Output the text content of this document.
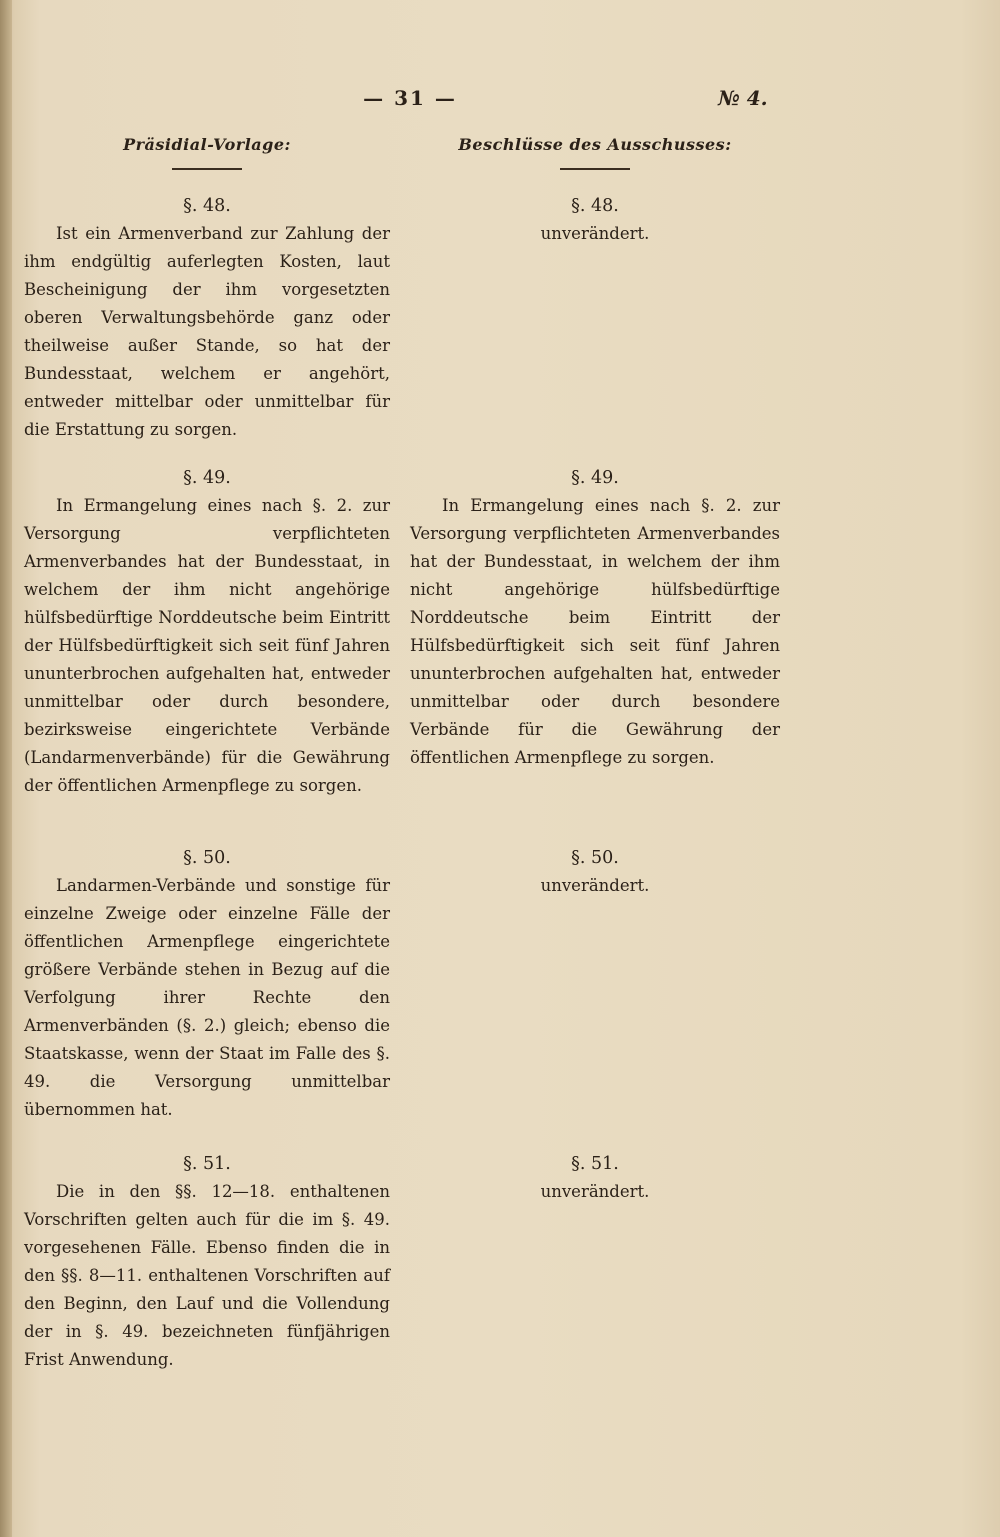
— 31 —	№ 4.
Präsidial-Vorlage:
§. 48.

Ist ein Armenverband zur Zahlung der ihm endgültig auferlegten Kosten, laut Bescheinigung der ihm vorgesetzten oberen Verwaltungsbehörde ganz oder theilweise außer Stande, so hat der Bundesstaat, welchem er angehört, entweder mittelbar oder unmittelbar für die Erstattung zu sorgen.

§. 49.

In Ermangelung eines nach §. 2. zur Versorgung verpflichteten Armenverbandes hat der Bundesstaat, in welchem der ihm nicht angehörige hülfsbedürftige Norddeutsche beim Eintritt der Hülfsbedürftigkeit sich seit fünf Jahren ununterbrochen aufgehalten hat, entweder unmittelbar oder durch besondere, bezirksweise eingerichtete Verbände (Landarmenverbände) für die Gewährung der öffentlichen Armenpflege zu sorgen.

§. 50.

Landarmen-Verbände und sonstige für einzelne Zweige oder einzelne Fälle der öffentlichen Armenpflege eingerichtete größere Verbände stehen in Bezug auf die Verfolgung ihrer Rechte den Armenverbänden (§. 2.) gleich; ebenso die Staatskasse, wenn der Staat im Falle des §. 49. die Versorgung unmittelbar übernommen hat.

§. 51.

Die in den §§. 12—18. enthaltenen Vorschriften gelten auch für die im §. 49. vorgesehenen Fälle. Ebenso finden die in den §§. 8—11. enthaltenen Vorschriften auf den Beginn, den Lauf und die Vollendung der in §. 49. bezeichneten fünfjährigen Frist Anwendung.

Beschlüsse des Ausschusses:
§. 48.
unverändert.
§. 49.

In Ermangelung eines nach §. 2. zur Versorgung verpflichteten Armenverbandes hat der Bundesstaat, in welchem der ihm nicht angehörige hülfsbedürftige Norddeutsche beim Eintritt der Hülfsbedürftigkeit sich seit fünf Jahren ununterbrochen aufgehalten hat, entweder unmittelbar oder durch besondere Verbände für die Gewährung der öffentlichen Armenpflege zu sorgen.

§. 50.
unverändert.
§. 51.
unverändert.
